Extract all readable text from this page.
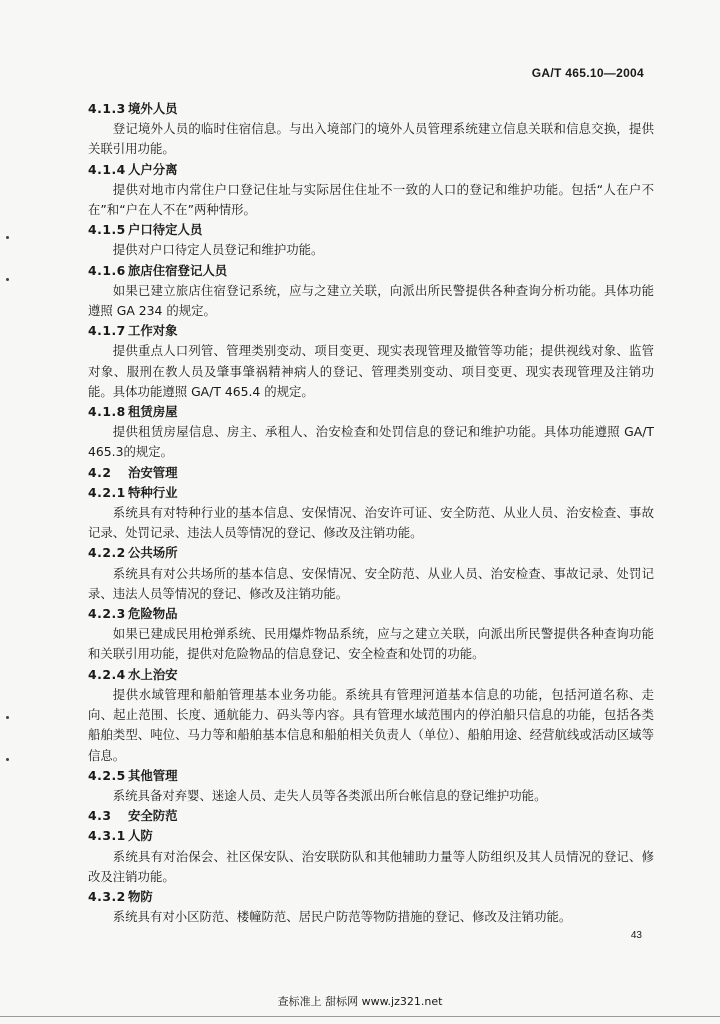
GA/T 465.10—2004
4.1.3 境外人员

登记境外人员的临时住宿信息。与出入境部门的境外人员管理系统建立信息关联和信息交换，提供关联引用功能。

4.1.4 人户分离

提供对地市内常住户口登记住址与实际居住住址不一致的人口的登记和维护功能。包括“人在户不在”和“户在人不在”两种情形。

4.1.5 户口待定人员

提供对户口待定人员登记和维护功能。

4.1.6 旅店住宿登记人员

如果已建立旅店住宿登记系统，应与之建立关联，向派出所民警提供各种查询分析功能。具体功能遵照 GA 234 的规定。

4.1.7 工作对象

提供重点人口列管、管理类别变动、项目变更、现实表现管理及撤管等功能；提供视线对象、监管对象、服刑在教人员及肇事肇祸精神病人的登记、管理类别变动、项目变更、现实表现管理及注销功能。具体功能遵照 GA/T 465.4 的规定。

4.1.8 租赁房屋

提供租赁房屋信息、房主、承租人、治安检查和处罚信息的登记和维护功能。具体功能遵照 GA/T 465.3的规定。

4.2 治安管理
4.2.1 特种行业

系统具有对特种行业的基本信息、安保情况、治安许可证、安全防范、从业人员、治安检查、事故记录、处罚记录、违法人员等情况的登记、修改及注销功能。

4.2.2 公共场所

系统具有对公共场所的基本信息、安保情况、安全防范、从业人员、治安检查、事故记录、处罚记录、违法人员等情况的登记、修改及注销功能。

4.2.3 危险物品

如果已建成民用枪弹系统、民用爆炸物品系统，应与之建立关联，向派出所民警提供各种查询功能和关联引用功能，提供对危险物品的信息登记、安全检查和处罚的功能。

4.2.4 水上治安

提供水域管理和船舶管理基本业务功能。系统具有管理河道基本信息的功能，包括河道名称、走向、起止范围、长度、通航能力、码头等内容。具有管理水域范围内的停泊船只信息的功能，包括各类船舶类型、吨位、马力等和船舶基本信息和船舶相关负责人（单位）、船舶用途、经营航线或活动区域等信息。

4.2.5 其他管理

系统具备对弃婴、迷途人员、走失人员等各类派出所台帐信息的登记维护功能。

4.3 安全防范
4.3.1 人防

系统具有对治保会、社区保安队、治安联防队和其他辅助力量等人防组织及其人员情况的登记、修改及注销功能。

4.3.2 物防

系统具有对小区防范、楼幢防范、居民户防范等物防措施的登记、修改及注销功能。

43
查标准上 甜标网 www.jz321.net
